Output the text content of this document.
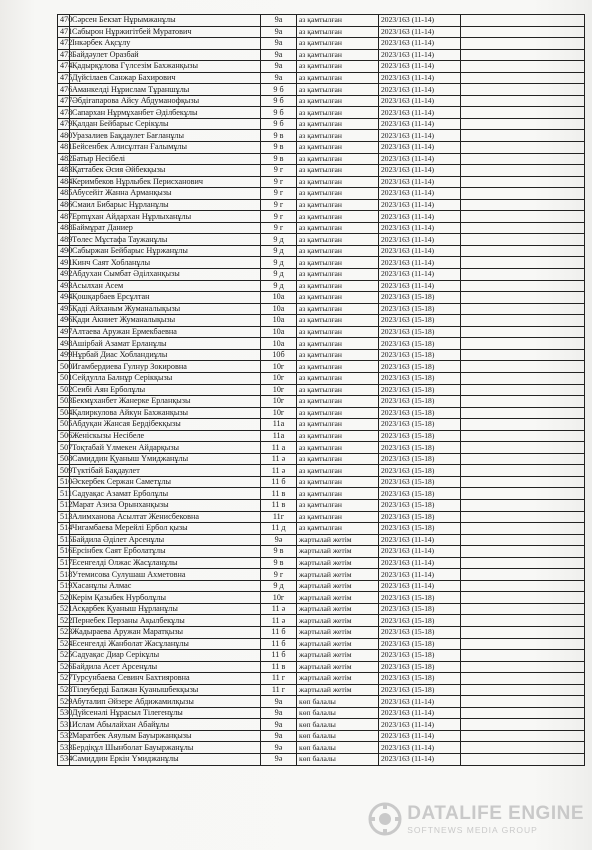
470	Сәрсен Бекзат Нұрымжанұлы	9а	аз қамтылған	2023/163 (11-14)	
471	Сабырон Нұржигітбей Муратович	9а	аз қамтылған	2023/163 (11-14)	
472	Інкәрбек Ақсұлу	9а	аз қамтылған	2023/163 (11-14)	
473	Байдәулет Оразбай	9а	аз қамтылған	2023/163 (11-14)	
474	Қадырқұлова Гүлсезім Бахжанқызы	9а	аз қамтылған	2023/163 (11-14)	
475	Дүйсілаев Санжар Бахирович	9а	аз қамтылған	2023/163 (11-14)	
476	Аманкелді Нұрислам Тұраншұлы	9 б	аз қамтылған	2023/163 (11-14)	
477	Әбдіғапарова Айсу Абдуманофқызы	9 б	аз қамтылған	2023/163 (11-14)	
478	Сапархан Нұрмұханбет Әділбекұлы	9 б	аз қамтылған	2023/163 (11-14)	
479	Қалдан Бейбарыс Серікұлы	9 б	аз қамтылған	2023/163 (11-14)	
480	Уразалиев Бақдаулет Бағланұлы	9 в	аз қамтылған	2023/163 (11-14)	
481	Бейсенбек Алисұлтан Ғалымұлы	9 в	аз қамтылған	2023/163 (11-14)	
482	Батыр Несібелі	9 в	аз қамтылған	2023/163 (11-14)	
483	Қаттабек Әсия Әйбекқызы	9 г	аз қамтылған	2023/163 (11-14)	
484	Керимбеков Нұрлыбек Перисханович	9 г	аз қамтылған	2023/163 (11-14)	
485	Абусейіт Жанна Арманқызы	9 г	аз қамтылған	2023/163 (11-14)	
486	Смаил Бибарыс Нұрланұлы	9 г	аз қамтылған	2023/163 (11-14)	
487	Ерmұхан Айдархан Нұрлыханұлы	9 г	аз қамтылған	2023/163 (11-14)	
488	Баймұрат Даниер	9 г	аз қамтылған	2023/163 (11-14)	
489	Төлес Мұстафа Таужанұлы	9 д	аз қамтылған	2023/163 (11-14)	
490	Сабыржан Бейбарыс Нұржанұлы	9 д	аз қамтылған	2023/163 (11-14)	
491	Кинч Саят Хобланұлы	9 д	аз қамтылған	2023/163 (11-14)	
492	Абдухан Сымбат Әділханқызы	9 д	аз қамтылған	2023/163 (11-14)	
493	Асылхан Асем	9 д	аз қамтылған	2023/163 (11-14)	
494	Қошқарбаев Ерсұлтан	10а	аз қамтылған	2023/163 (15-18)	
495	Қаді Айханым Жуманалықызы	10а	аз қамтылған	2023/163 (15-18)	
496	Қади Акниет Жуманалықызы	10а	аз қамтылған	2023/163 (15-18)	
497	Алтаева Аружан Ермекбаевна	10а	аз қамтылған	2023/163 (15-18)	
498	Ашірбай Азамат Ерланұлы	10а	аз қамтылған	2023/163 (15-18)	
499	Нұрбай Диас Хобландиұлы	10б	аз қамтылған	2023/163 (15-18)	
500	Игамбердиева Гулнур Зокировна	10г	аз қамтылған	2023/163 (15-18)	
501	Сейдулла Балнұр Серікқызы	10г	аз қамтылған	2023/163 (15-18)	
502	Сеибі Аян Ерболұлы	10г	аз қамтылған	2023/163 (15-18)	
503	Бекмұханбет Жанерке Ерланқызы	10г	аз қамтылған	2023/163 (15-18)	
504	Қалиркулова Айкүн Бахжанқызы	10г	аз қамтылған	2023/163 (15-18)	
505	Абдуқан Жансая Бердібекқызы	11а	аз қамтылған	2023/163 (15-18)	
506	Женіскызы Несібеле	11а	аз қамтылған	2023/163 (15-18)	
507	Тоқтабай Үлмекен Айдарқызы	11 а	аз қамтылған	2023/163 (15-18)	
508	Самиддин Қуаныш Үмиджанұлы	11 ә	аз қамтылған	2023/163 (15-18)	
509	Түктібай Бақдаулет	11 ә	аз қамтылған	2023/163 (15-18)	
510	Әскербек Сержан Саметұлы	11 б	аз қамтылған	2023/163 (15-18)	
511	Садуақас Азамат Ерболұлы	11 в	аз қамтылған	2023/163 (15-18)	
512	Марат Азиза Орынханқызы	11 в	аз қамтылған	2023/163 (15-18)	
513	Алимханова Асылтат Женисбековна	11г	аз қамтылған	2023/163 (15-18)	
514	Чигамбаева Мерейлі Ербол қызы	11 д	аз қамтылған	2023/163 (15-18)	
515	Байдила Әділет Арсенұлы	9ә	жартылай жетім	2023/163 (11-14)	
516	Ерсінбек Саят Ерболатұлы	9 в	жартылай жетім	2023/163 (11-14)	
517	Есенгелді Олжас Жасұланұлы	9 в	жартылай жетім	2023/163 (11-14)	
518	Утемисова Сулушаш Ахметовна	9 г	жартылай жетім	2023/163 (11-14)	
519	Хасанұлы Алмас	9 д	жартылай жетім	2023/163 (11-14)	
520	Керім Қазыбек Нурболұлы	10г	жартылай жетім	2023/163 (15-18)	
521	Асқарбек Қуаныш Нұрланұлы	11 ә	жартылай жетім	2023/163 (15-18)	
522	Пернебек Перзаны Ақылбекұлы	11 ә	жартылай жетім	2023/163 (15-18)	
523	Жадыраева Аружан Маратқызы	11 б	жартылай жетім	2023/163 (15-18)	
524	Есенгелді Жанболат Жасұланұлы	11 б	жартылай жетім	2023/163 (15-18)	
525	Садуақас Диар Серікұлы	11 б	жартылай жетім	2023/163 (15-18)	
526	Байдила Асет Арсенұлы	11 в	жартылай жетім	2023/163 (15-18)	
527	Турсунбаева Севинч Бахтияровна	11 г	жартылай жетім	2023/163 (15-18)	
528	Тілеуберді Балжан Қуанышбекқызы	11 г	жартылай жетім	2023/163 (15-18)	
529	Абуталип Әйзере Абдижамилқызы	9а	көп балалы	2023/163 (11-14)	
530	Дүйсенәлі Нұрасыл Тілегенұлы	9а	көп балалы	2023/163 (11-14)	
531	Ислам Абылайхан Абайұлы	9а	көп балалы	2023/163 (11-14)	
532	Маратбек Аяулым Бауыржанқызы	9а	көп балалы	2023/163 (11-14)	
533	Бердіқұл Шынболат Бауыржанұлы	9ә	көп балалы	2023/163 (11-14)	
534	Самиддин Еркін Үмиджанұлы	9ә	көп балалы	2023/163 (11-14)	
DATALIFE ENGINE
SOFTNEWS MEDIA GROUP
